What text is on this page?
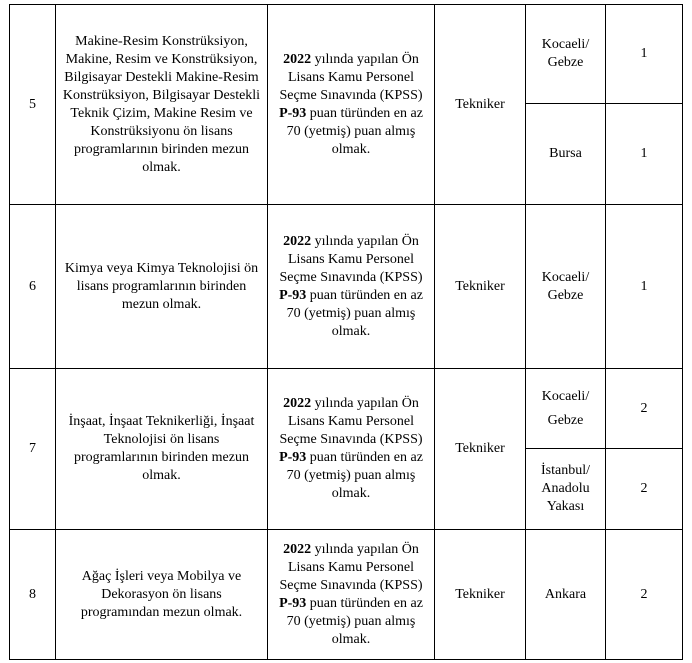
5	Makine-Resim Konstrüksiyon, Makine, Resim ve Konstrüksiyon, Bilgisayar Destekli Makine-Resim Konstrüksiyon, Bilgisayar Destekli Teknik Çizim, Makine Resim ve Konstrüksiyonu ön lisans programlarının birinden mezun olmak.	2022 yılında yapılan Ön Lisans Kamu Personel Seçme Sınavında (KPSS) P-93 puan türünden en az 70 (yetmiş) puan almış olmak.	Tekniker	Kocaeli/ Gebze	1
				Bursa	1
6	Kimya veya Kimya Teknolojisi ön lisans programlarının birinden mezun olmak.	2022 yılında yapılan Ön Lisans Kamu Personel Seçme Sınavında (KPSS) P-93 puan türünden en az 70 (yetmiş) puan almış olmak.	Tekniker	Kocaeli/ Gebze	1
7	İnşaat, İnşaat Teknikerliği, İnşaat Teknolojisi ön lisans programlarının birinden mezun olmak.	2022 yılında yapılan Ön Lisans Kamu Personel Seçme Sınavında (KPSS) P-93 puan türünden en az 70 (yetmiş) puan almış olmak.	Tekniker	Kocaeli/ Gebze	2
				İstanbul/ Anadolu Yakası	2
8	Ağaç İşleri veya Mobilya ve Dekorasyon ön lisans programından mezun olmak.	2022 yılında yapılan Ön Lisans Kamu Personel Seçme Sınavında (KPSS) P-93 puan türünden en az 70 (yetmiş) puan almış olmak.	Tekniker	Ankara	2
